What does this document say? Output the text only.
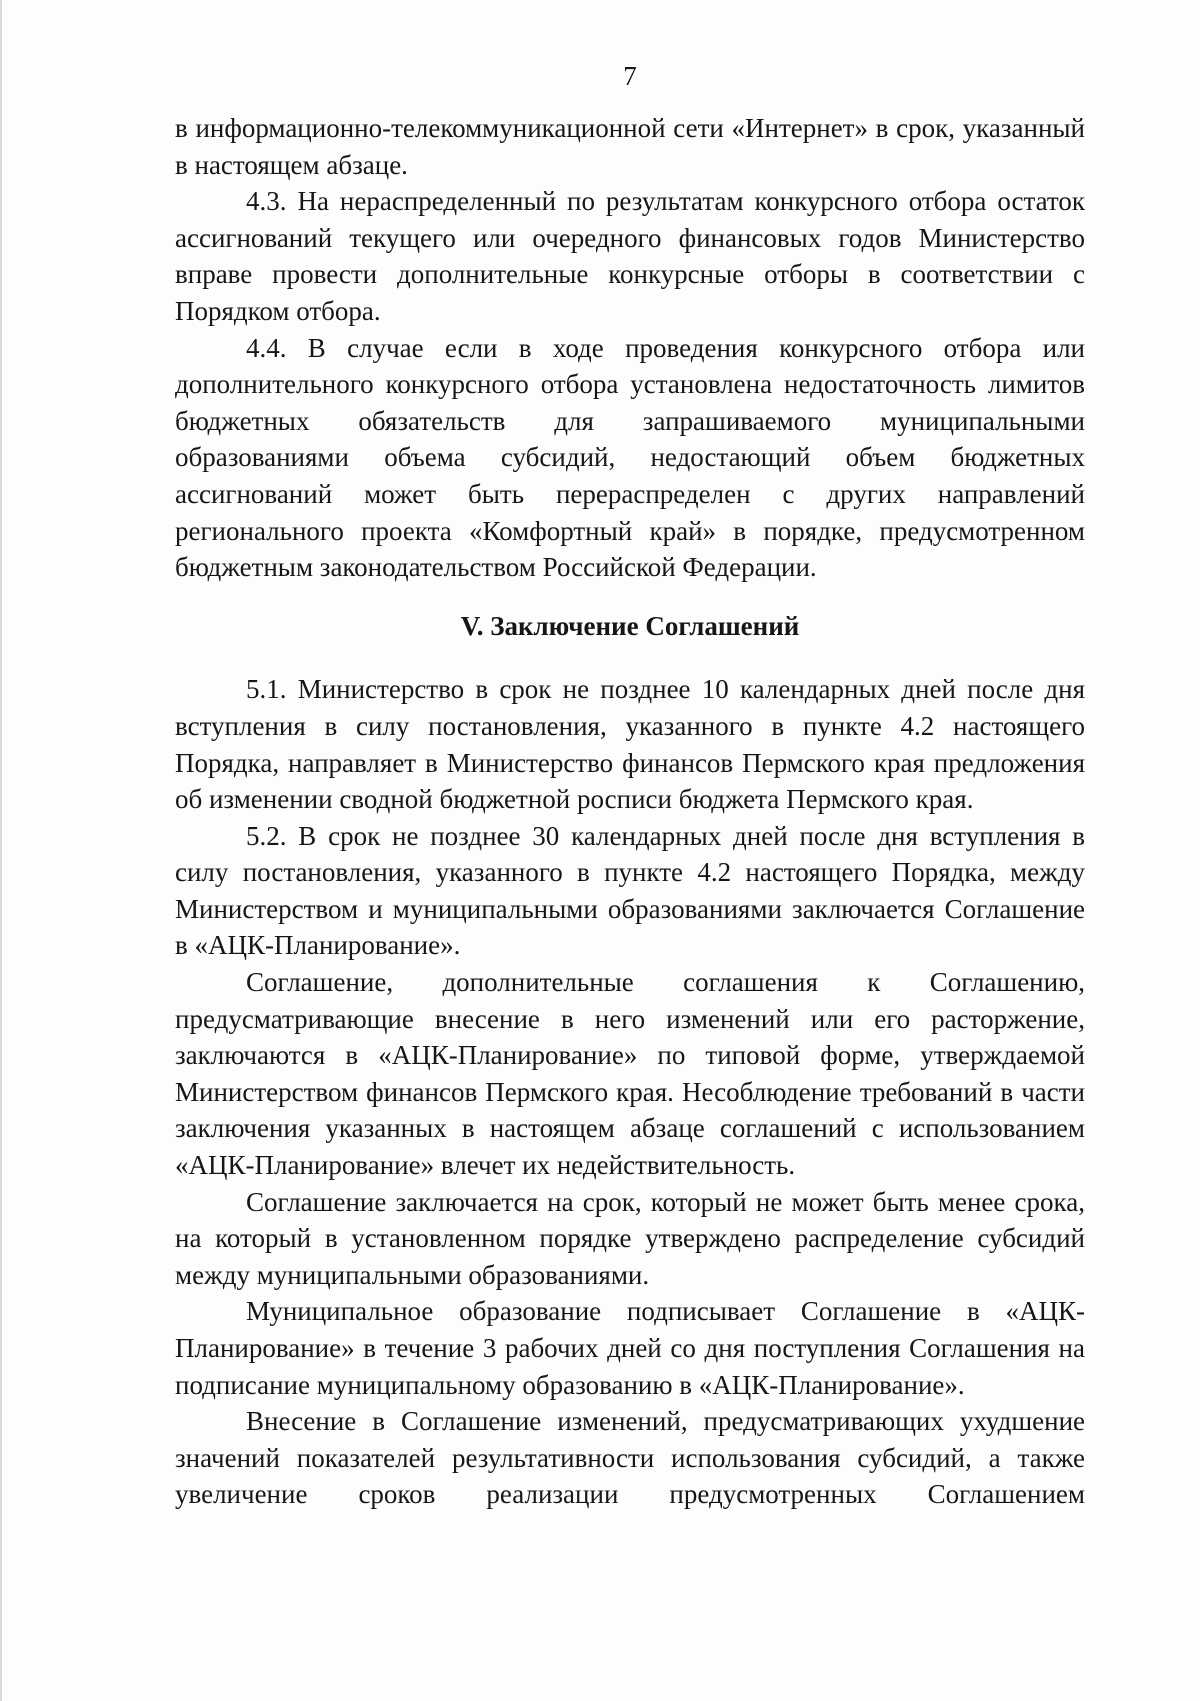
7

в информационно-телекоммуникационной сети «Интернет» в срок, указанный в настоящем абзаце.

4.3. На нераспределенный по результатам конкурсного отбора остаток ассигнований текущего или очередного финансовых годов Министерство вправе провести дополнительные конкурсные отборы в соответствии с Порядком отбора.

4.4. В случае если в ходе проведения конкурсного отбора или дополнительного конкурсного отбора установлена недостаточность лимитов бюджетных обязательств для запрашиваемого муниципальными образованиями объема субсидий, недостающий объем бюджетных ассигнований может быть перераспределен с других направлений регионального проекта «Комфортный край» в порядке, предусмотренном бюджетным законодательством Российской Федерации.

V. Заключение Соглашений

5.1. Министерство в срок не позднее 10 календарных дней после дня вступления в силу постановления, указанного в пункте 4.2 настоящего Порядка, направляет в Министерство финансов Пермского края предложения об изменении сводной бюджетной росписи бюджета Пермского края.

5.2. В срок не позднее 30 календарных дней после дня вступления в силу постановления, указанного в пункте 4.2 настоящего Порядка, между Министерством и муниципальными образованиями заключается Соглашение в «АЦК-Планирование».

Соглашение, дополнительные соглашения к Соглашению, предусматривающие внесение в него изменений или его расторжение, заключаются в «АЦК-Планирование» по типовой форме, утверждаемой Министерством финансов Пермского края. Несоблюдение требований в части заключения указанных в настоящем абзаце соглашений с использованием «АЦК-Планирование» влечет их недействительность.

Соглашение заключается на срок, который не может быть менее срока, на который в установленном порядке утверждено распределение субсидий между муниципальными образованиями.

Муниципальное образование подписывает Соглашение в «АЦК-Планирование» в течение 3 рабочих дней со дня поступления Соглашения на подписание муниципальному образованию в «АЦК-Планирование».

Внесение в Соглашение изменений, предусматривающих ухудшение значений показателей результативности использования субсидий, а также увеличение сроков реализации предусмотренных Соглашением
